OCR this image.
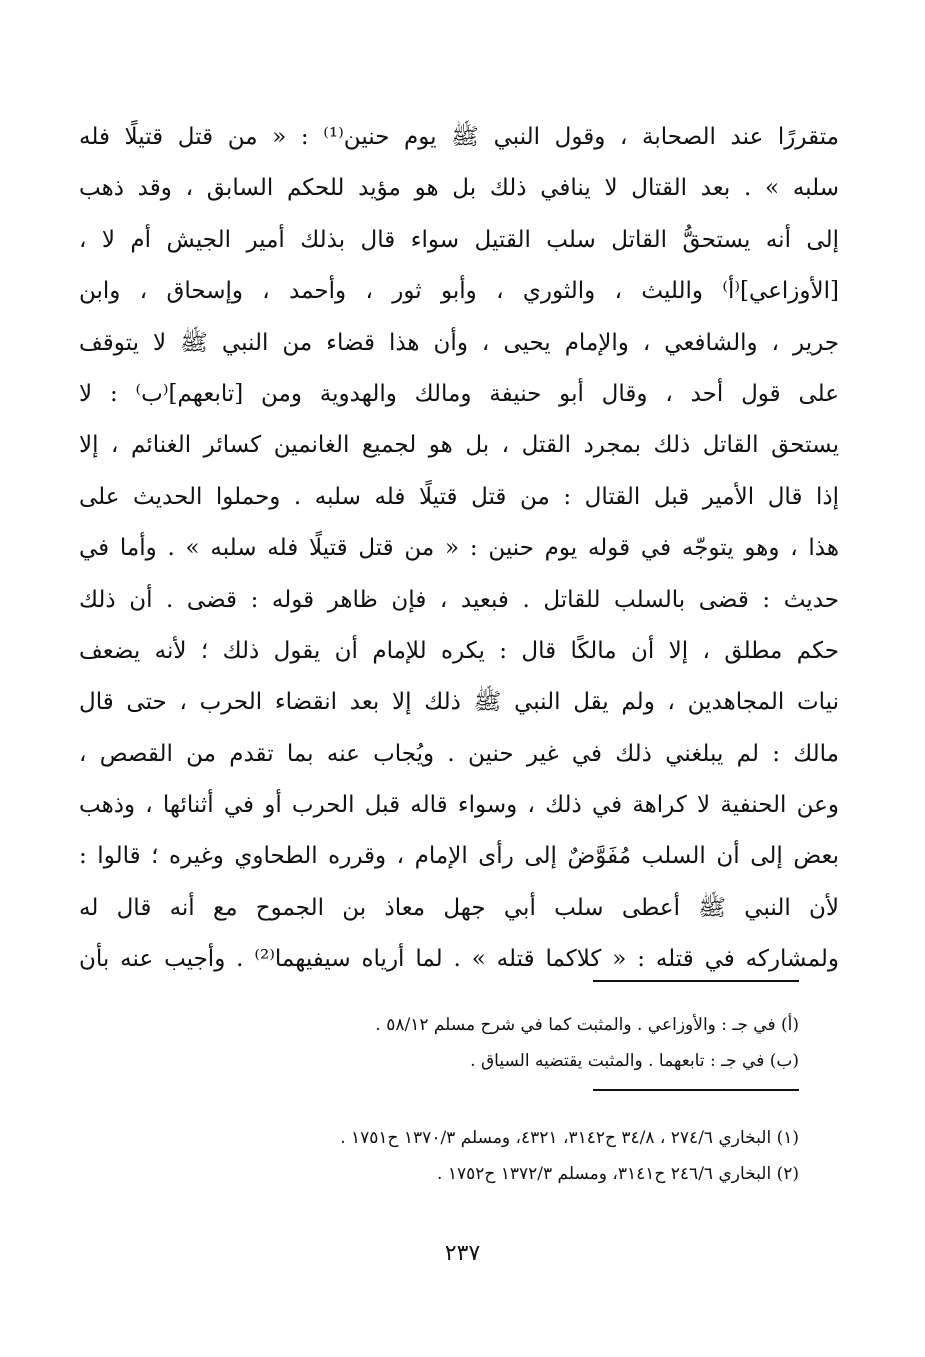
متقررًا عند الصحابة ، وقول النبي ﷺ يوم حنين⁽¹⁾ : « من قتل قتيلًا فله
سلبه » . بعد القتال لا ينافي ذلك بل هو مؤيد للحكم السابق ، وقد ذهب
إلى أنه يستحقُّ القاتل سلب القتيل سواء قال بذلك أمير الجيش أم لا ،
[الأوزاعي]⁽أ⁾ والليث ، والثوري ، وأبو ثور ، وأحمد ، وإسحاق ، وابن
جرير ، والشافعي ، والإمام يحيى ، وأن هذا قضاء من النبي ﷺ لا يتوقف
على قول أحد ، وقال أبو حنيفة ومالك والهدوية ومن [تابعهم]⁽ب⁾ : لا
يستحق القاتل ذلك بمجرد القتل ، بل هو لجميع الغانمين كسائر الغنائم ، إلا
إذا قال الأمير قبل القتال : من قتل قتيلًا فله سلبه . وحملوا الحديث على
هذا ، وهو يتوجّه في قوله يوم حنين : « من قتل قتيلًا فله سلبه » . وأما في
حديث : قضى بالسلب للقاتل . فبعيد ، فإن ظاهر قوله : قضى . أن ذلك
حكم مطلق ، إلا أن مالكًا قال : يكره للإمام أن يقول ذلك ؛ لأنه يضعف
نيات المجاهدين ، ولم يقل النبي ﷺ ذلك إلا بعد انقضاء الحرب ، حتى قال
مالك : لم يبلغني ذلك في غير حنين . ويُجاب عنه بما تقدم من القصص ،
وعن الحنفية لا كراهة في ذلك ، وسواء قاله قبل الحرب أو في أثنائها ، وذهب
بعض إلى أن السلب مُفَوَّضٌ إلى رأى الإمام ، وقرره الطحاوي وغيره ؛ قالوا :
لأن النبي ﷺ أعطى سلب أبي جهل معاذ بن الجموح مع أنه قال له
ولمشاركه في قتله : « كلاكما قتله » . لما أرياه سيفيهما⁽²⁾ . وأجيب عنه بأن
(أ) في جـ : والأوزاعي . والمثبت كما في شرح مسلم ٥٨/١٢ .
(ب) في جـ : تابعهما . والمثبت يقتضيه السياق .
(١) البخاري ٢٧٤/٦ ، ٣٤/٨ ح٣١٤٢، ٤٣٢١، ومسلم ١٣٧٠/٣ ح١٧٥١ .
(٢) البخاري ٢٤٦/٦ ح٣١٤١، ومسلم ١٣٧٢/٣ ح١٧٥٢ .
٢٣٧
